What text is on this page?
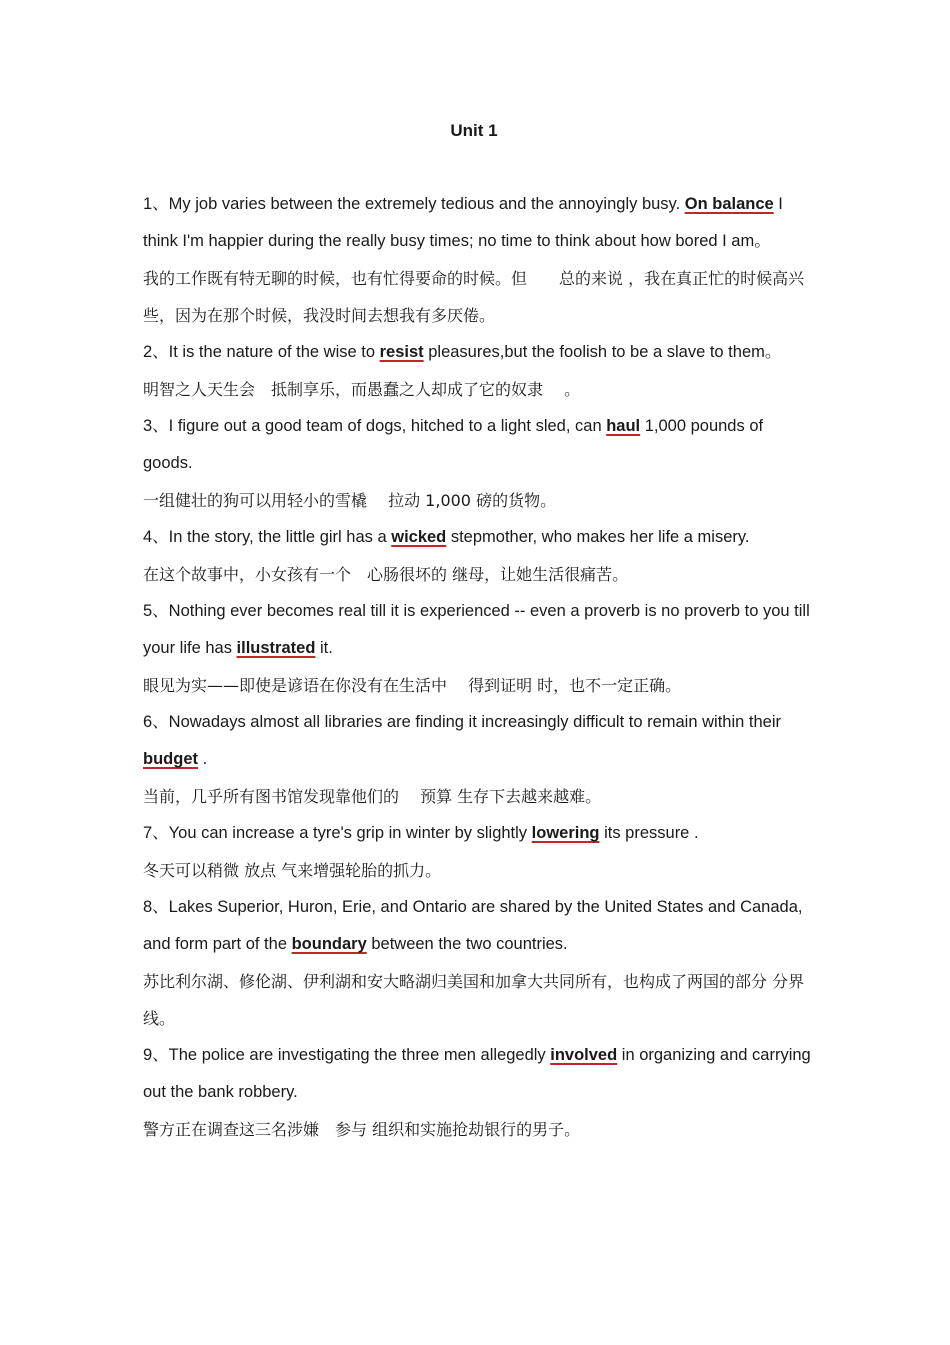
Unit 1

1、My job varies between the extremely tedious and the annoyingly busy. On balance I think I'm happier during the really busy times; no time to think about how bored I am。

我的工作既有特无聊的时候，也有忙得要命的时候。但　　总的来说 ，我在真正忙的时候高兴些，因为在那个时候，我没时间去想我有多厌倦。

2、It is the nature of the wise to resist pleasures,but the foolish to be a slave to them。

明智之人天生会　抵制享乐，而愚蠢之人却成了它的奴隶　 。

3、I figure out a good team of dogs, hitched to a light sled, can haul 1,000 pounds of goods.

一组健壮的狗可以用轻小的雪橇　 拉动 1,000 磅的货物。

4、In the story, the little girl has a wicked stepmother, who makes her life a misery.

在这个故事中，小女孩有一个　心肠很坏的 继母，让她生活很痛苦。

5、Nothing ever becomes real till it is experienced -- even a proverb is no proverb to you till your life has illustrated it.

眼见为实——即使是谚语在你没有在生活中　 得到证明 时，也不一定正确。

6、Nowadays almost all libraries are finding it increasingly difficult to remain within their budget .

当前，几乎所有图书馆发现靠他们的　 预算 生存下去越来越难。

7、You can increase a tyre's grip in winter by slightly lowering its pressure .

冬天可以稍微 放点 气来增强轮胎的抓力。

8、Lakes Superior, Huron, Erie, and Ontario are shared by the United States and Canada, and form part of the boundary between the two countries.

苏比利尔湖、修伦湖、伊利湖和安大略湖归美国和加拿大共同所有，也构成了两国的部分 分界线。

9、The police are investigating the three men allegedly involved in organizing and carrying out the bank robbery.

警方正在调查这三名涉嫌　参与 组织和实施抢劫银行的男子。
